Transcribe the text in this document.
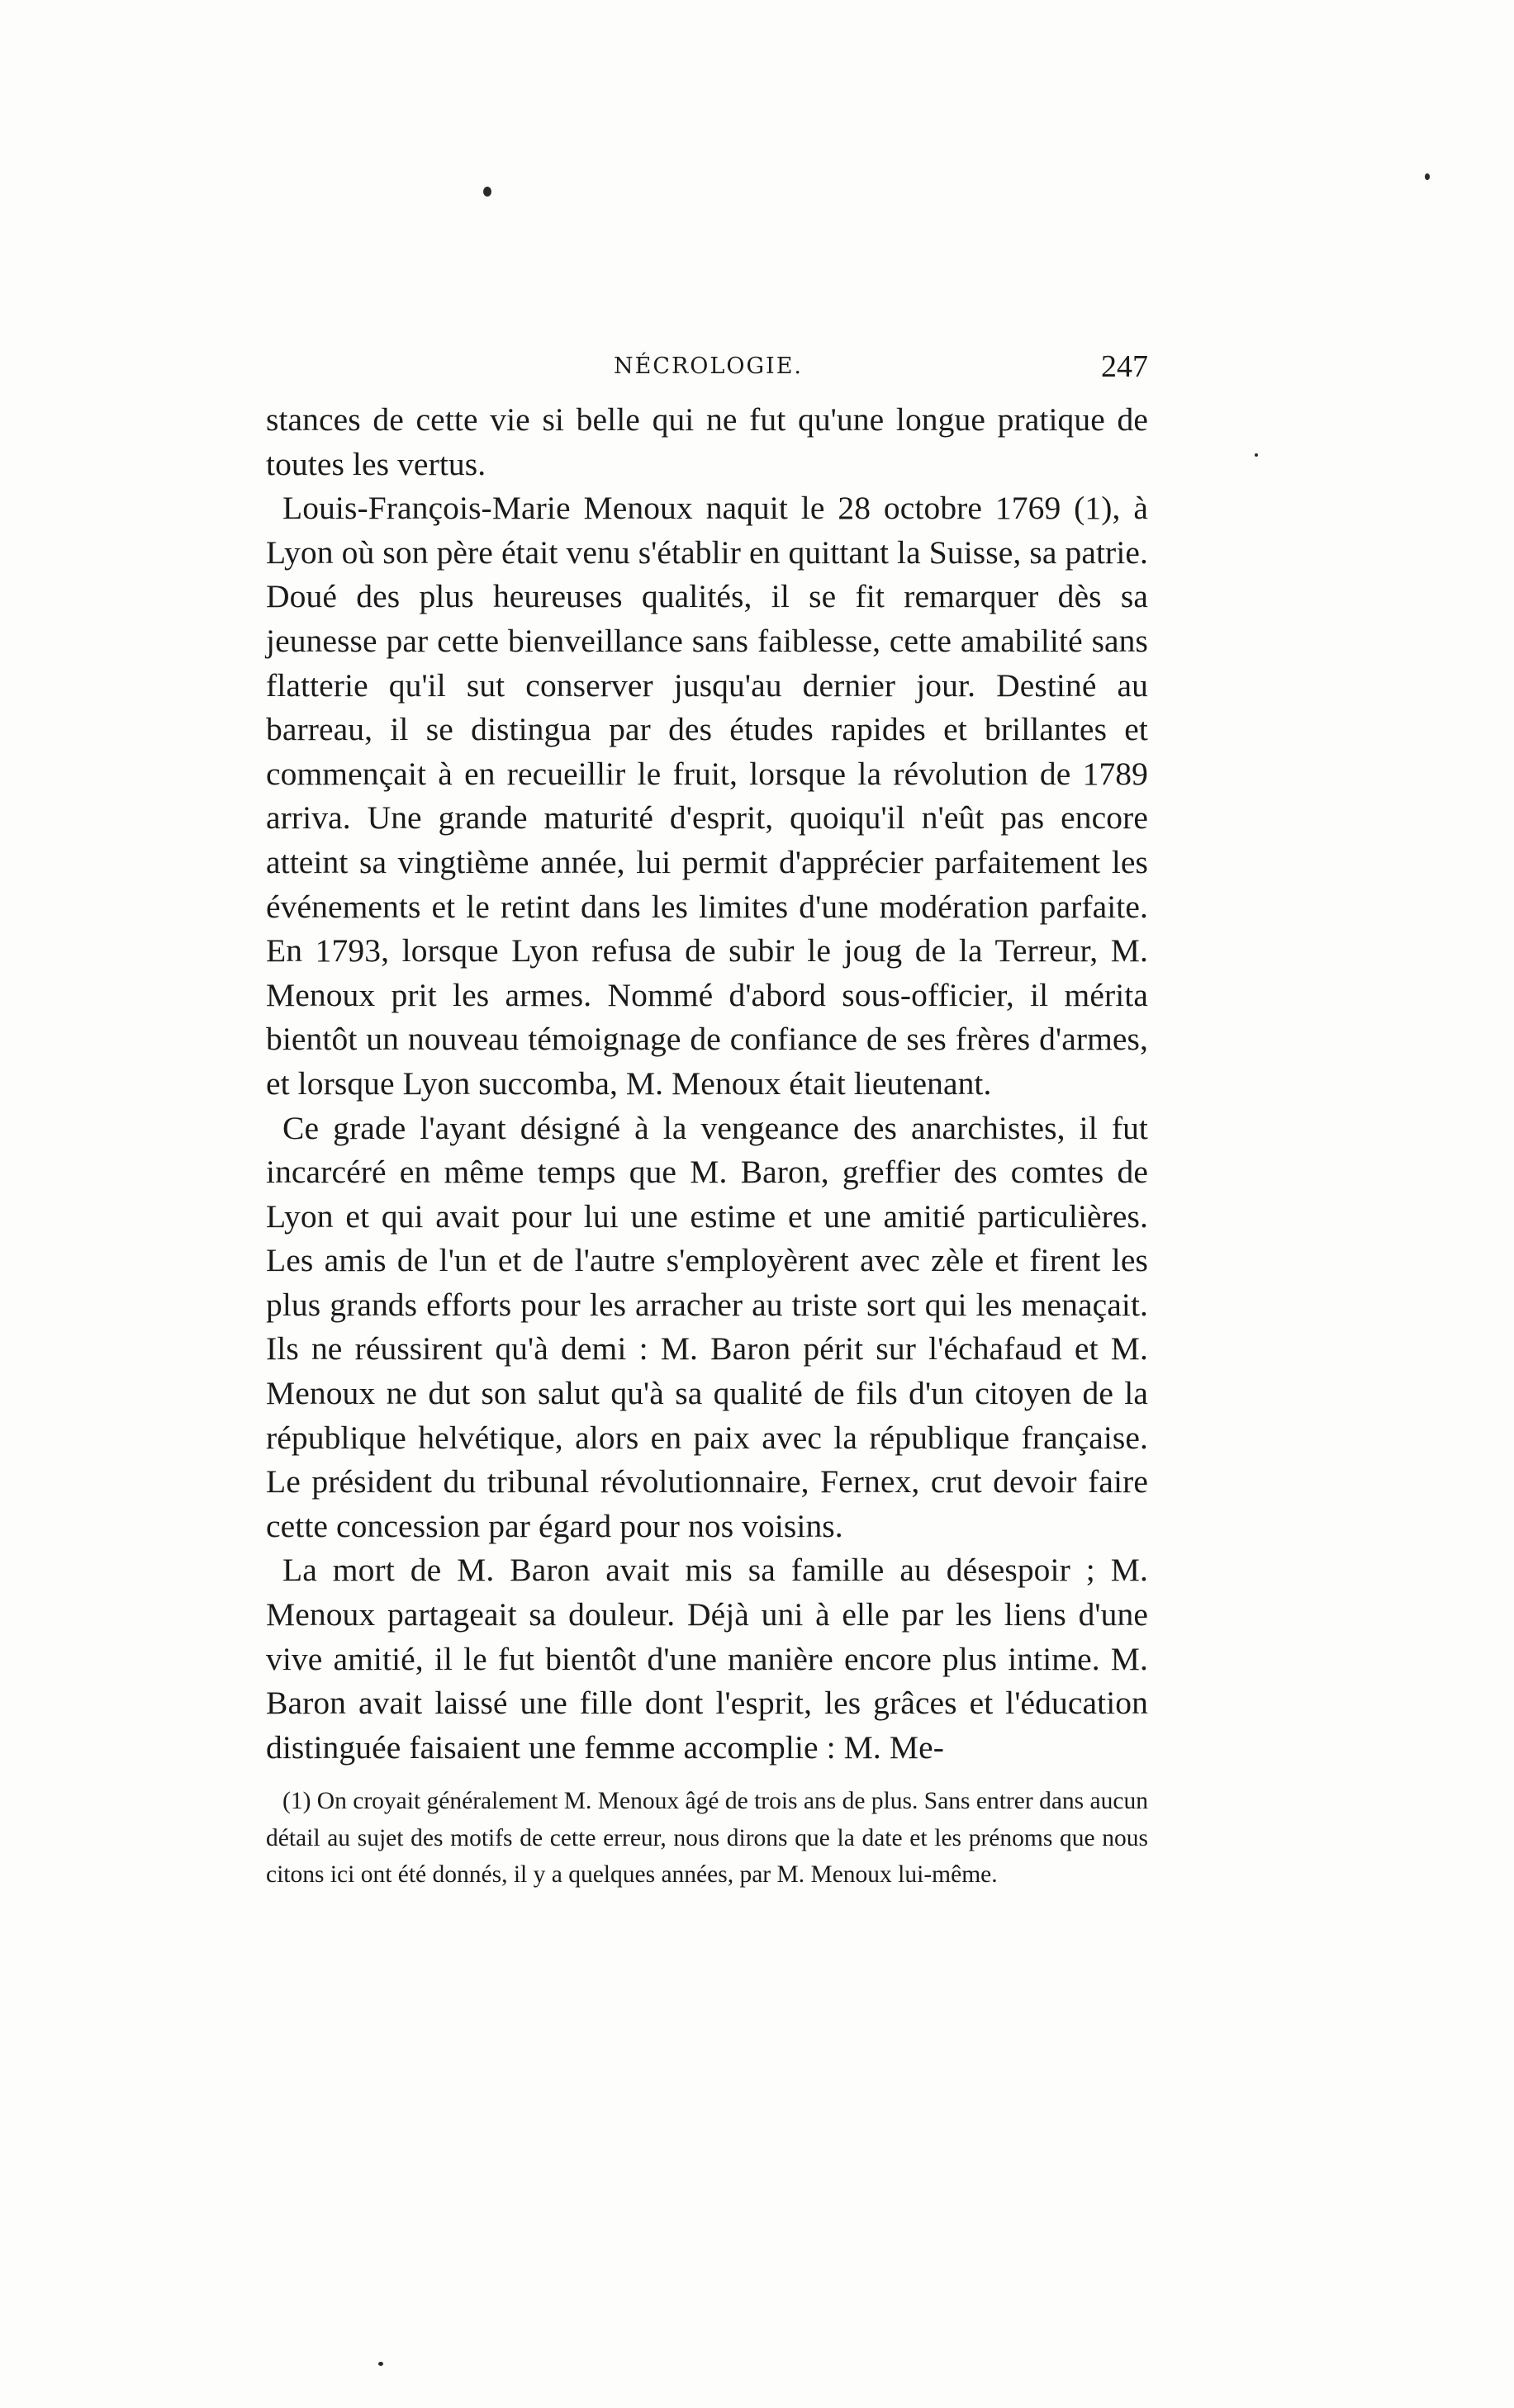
NÉCROLOGIE.	247

stances de cette vie si belle qui ne fut qu'une longue pratique de toutes les vertus.

Louis-François-Marie Menoux naquit le 28 octobre 1769 (1), à Lyon où son père était venu s'établir en quittant la Suisse, sa patrie. Doué des plus heureuses qualités, il se fit remarquer dès sa jeunesse par cette bienveillance sans faiblesse, cette amabilité sans flatterie qu'il sut conserver jusqu'au dernier jour. Destiné au barreau, il se distingua par des études rapides et brillantes et commençait à en recueillir le fruit, lorsque la révolution de 1789 arriva. Une grande maturité d'esprit, quoiqu'il n'eût pas encore atteint sa vingtième année, lui permit d'apprécier parfaitement les événements et le retint dans les limites d'une modération parfaite. En 1793, lorsque Lyon refusa de subir le joug de la Terreur, M. Menoux prit les armes. Nommé d'abord sous-officier, il mérita bientôt un nouveau témoignage de confiance de ses frères d'armes, et lorsque Lyon succomba, M. Menoux était lieutenant.

Ce grade l'ayant désigné à la vengeance des anarchistes, il fut incarcéré en même temps que M. Baron, greffier des comtes de Lyon et qui avait pour lui une estime et une amitié particulières. Les amis de l'un et de l'autre s'employèrent avec zèle et firent les plus grands efforts pour les arracher au triste sort qui les menaçait. Ils ne réussirent qu'à demi : M. Baron périt sur l'échafaud et M. Menoux ne dut son salut qu'à sa qualité de fils d'un citoyen de la république helvétique, alors en paix avec la république française. Le président du tribunal révolutionnaire, Fernex, crut devoir faire cette concession par égard pour nos voisins.

La mort de M. Baron avait mis sa famille au désespoir ; M. Menoux partageait sa douleur. Déjà uni à elle par les liens d'une vive amitié, il le fut bientôt d'une manière encore plus intime. M. Baron avait laissé une fille dont l'esprit, les grâces et l'éducation distinguée faisaient une femme accomplie : M. Me-

(1) On croyait généralement M. Menoux âgé de trois ans de plus. Sans entrer dans aucun détail au sujet des motifs de cette erreur, nous dirons que la date et les prénoms que nous citons ici ont été donnés, il y a quelques années, par M. Menoux lui-même.
